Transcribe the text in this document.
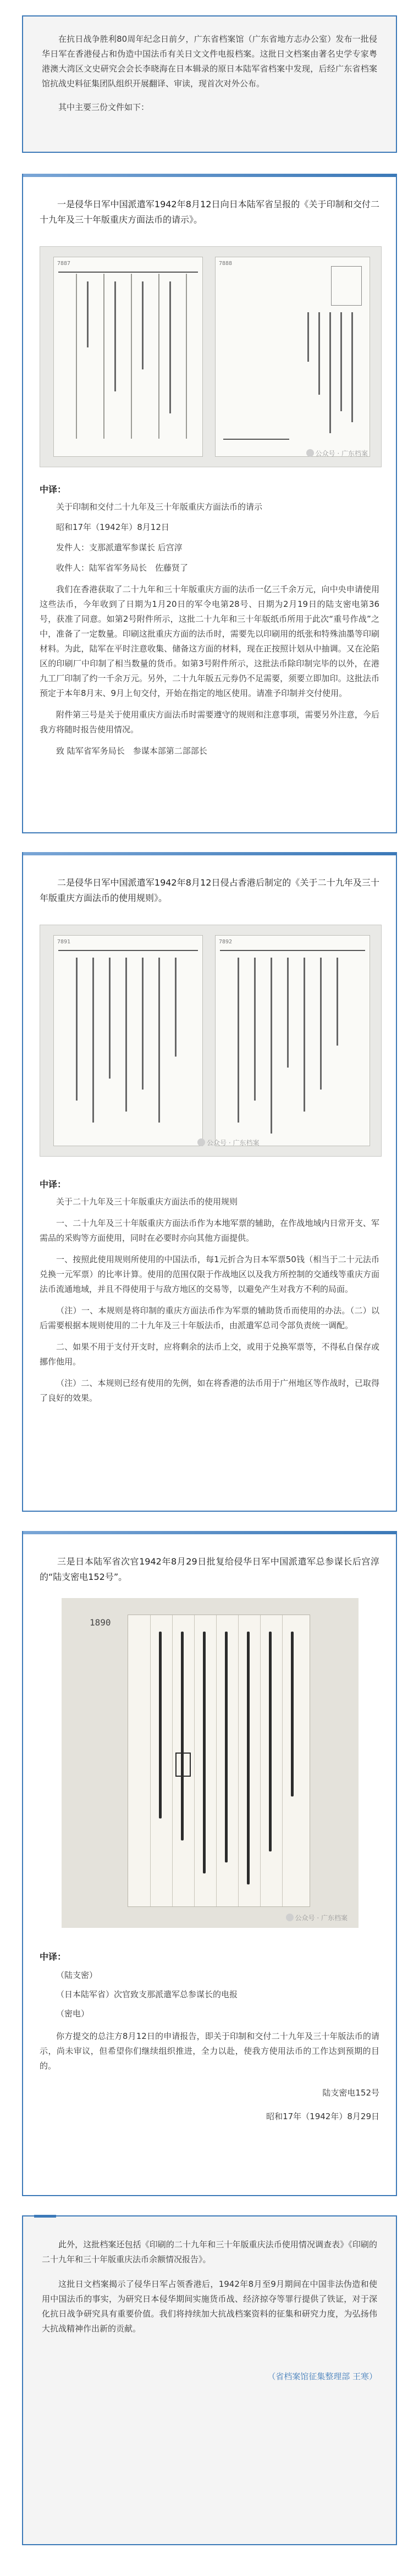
在抗日战争胜利80周年纪念日前夕，广东省档案馆（广东省地方志办公室）发布一批侵华日军在香港侵占和伪造中国法币有关日文文件电报档案。这批日文档案由著名史学专家粤港澳大湾区文史研究会会长李晓海在日本辑录的原日本陆军省档案中发现，后经广东省档案馆抗战史料征集团队组织开展翻译、审读，现首次对外公布。

其中主要三份文件如下：

一是侵华日军中国派遣军1942年8月12日向日本陆军省呈报的《关于印制和交付二十九年及三十年版重庆方面法币的请示》。

7887	7888
公众号 · 广东档案

中译：

关于印制和交付二十九年及三十年版重庆方面法币的请示

昭和17年（1942年）8月12日

发件人：支那派遣军参谋长 后宫淳

收件人：陆军省军务局长　佐藤贤了

我们在香港获取了二十九年和三十年版重庆方面的法币一亿三千余万元，向中央申请使用这些法币，今年收到了日期为1月20日的军令电第28号、日期为2月19日的陆支密电第36号，获准了同意。如第2号附件所示，这批二十九年和三十年版纸币所用于此次“重号作战”之中，准备了一定数量。印刷这批重庆方面的法币时，需要先以印刷用的纸张和特殊油墨等印刷材料。为此，陆军在平时注意收集、储备这方面的材料，现在正按照计划从中抽调。又在沦陷区的印刷厂中印制了相当数量的货币。如第3号附件所示，这批法币除印制完毕的以外，在港九工厂印制了约一千余万元。另外，二十九年版五元券仍不足需要，须要立即加印。这批法币预定于本年8月末、9月上旬交付，开始在指定的地区使用。请准予印制并交付使用。

附件第三号是关于使用重庆方面法币时需要遵守的规则和注意事项，需要另外注意，今后我方将随时报告使用情况。

致 陆军省军务局长　参谋本部第二部部长

二是侵华日军中国派遣军1942年8月12日侵占香港后制定的《关于二十九年及三十年版重庆方面法币的使用规则》。

7891	7892
公众号 · 广东档案

中译：

关于二十九年及三十年版重庆方面法币的使用规则

一、二十九年及三十年版重庆方面法币作为本地军票的辅助，在作战地域内日常开支、军需品的采购等方面使用，同时在必要时亦向其他方面提供。

一、按照此使用规则所使用的中国法币，每1元折合为日本军票50钱（相当于二十元法币兑换一元军票）的比率计算。使用的范围仅限于作战地区以及我方所控制的交通线等重庆方面法币流通地域，并且不得使用于与敌方地区的交易等，以避免产生对我方不利的局面。

（注）一、本规则是将印制的重庆方面法币作为军票的辅助货币而使用的办法。（二）以后需要根据本规则使用的二十九年及三十年版法币，由派遣军总司令部负责统一调配。

二、如果不用于支付开支时，应将剩余的法币上交，或用于兑换军票等，不得私自保存或挪作他用。

（注）二、本规则已经有使用的先例，如在将香港的法币用于广州地区等作战时，已取得了良好的效果。

三是日本陆军省次官1942年8月29日批复给侵华日军中国派遣军总参谋长后宫淳的“陆支密电152号”。

1890
公众号 · 广东档案

中译：

（陆支密）

（日本陆军省）次官致支那派遣军总参谋长的电报

（密电）

你方提交的总注方8月12日的申请报告，即关于印制和交付二十九年及三十年版法币的请示，尚未审议，但希望你们继续组织推进，全力以赴，使我方使用法币的工作达到预期的目的。

陆支密电152号

昭和17年（1942年）8月29日

此外，这批档案还包括《印刷的二十九年和三十年版重庆法币使用情况调查表》《印刷的二十九年和三十年版重庆法币余额情况报告》。

这批日文档案揭示了侵华日军占领香港后，1942年8月至9月期间在中国非法伪造和使用中国法币的事实，为研究日本侵华期间实施货币战、经济掠夺等罪行提供了铁证，对于深化抗日战争研究具有重要价值。我们将持续加大抗战档案资料的征集和研究力度，为弘扬伟大抗战精神作出新的贡献。

（省档案馆征集整理部 王寒）
